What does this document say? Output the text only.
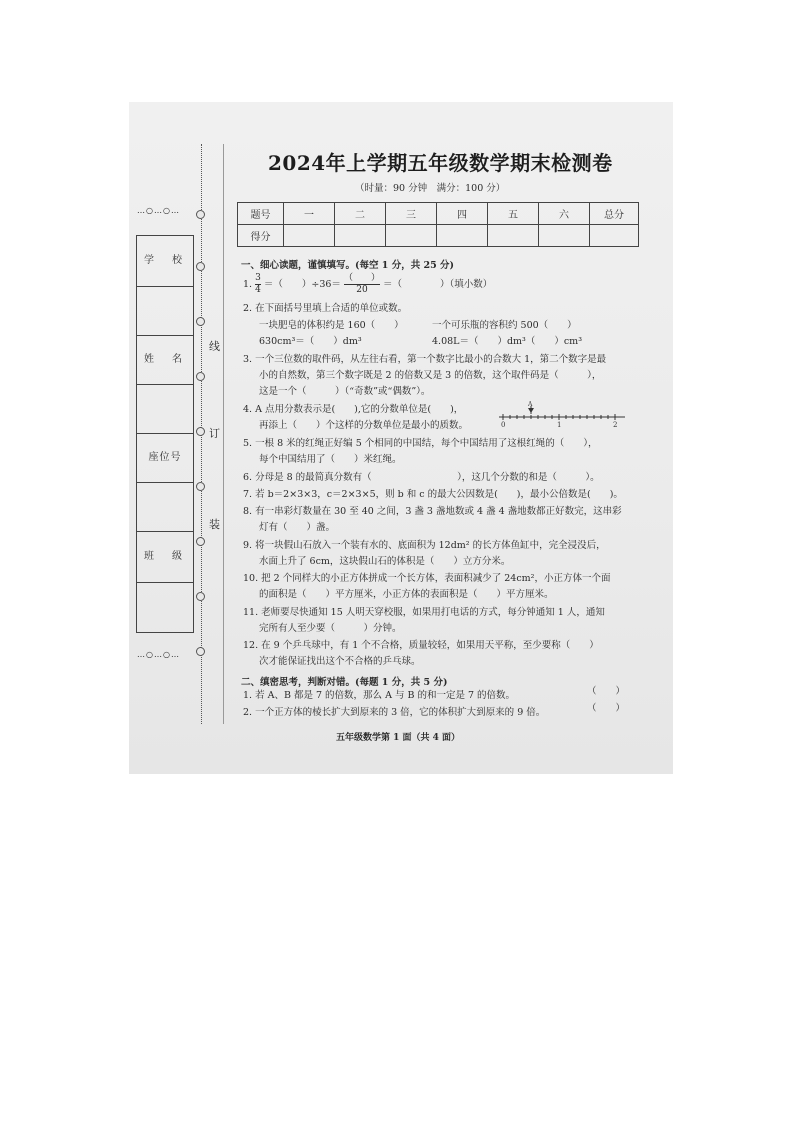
…○…○…
学　校
姓　名
座位号
班　级
…○…○…
线
订
装
2024年上学期五年级数学期末检测卷
（时量：90 分钟　满分：100 分）
题号	一	二	三	四	五	六	总分
得分							
一、细心读题，谨慎填写。(每空 1 分，共 25 分)
1. $\frac{3}{4}$ ＝（　　）$\div 36= \frac{( )}{20}$ ＝（　　　　）（填小数）
2. 在下面括号里填上合适的单位或数。
一块肥皂的体积约是 160（　　）	一个可乐瓶的容积约 500（　　）
630cm³＝（　　）dm³	4.08L＝（　　）dm³（　　）cm³
3. 一个三位数的取件码，从左往右看，第一个数字比最小的合数大 1，第二个数字是最
小的自然数，第三个数字既是 2 的倍数又是 3 的倍数，这个取件码是（　　　），
这是一个（　　　）（“奇数”或“偶数”）。
4. A 点用分数表示是(　　),它的分数单位是(　　)，
再添上（　　）个这样的分数单位是最小的质数。
A
0	1	2
5. 一根 8 米的红绳正好编 5 个相同的中国结，每个中国结用了这根红绳的（　　），
每个中国结用了（　　）米红绳。
6. 分母是 8 的最简真分数有（　　　　　　　　　），这几个分数的和是（　　　）。
7. 若 b＝2×3×3，c＝2×3×5，则 b 和 c 的最大公因数是(　　)，最小公倍数是(　　)。
8. 有一串彩灯数量在 30 至 40 之间，3 盏 3 盏地数或 4 盏 4 盏地数都正好数完，这串彩
灯有（　　）盏。
9. 将一块假山石放入一个装有水的、底面积为 12dm² 的长方体鱼缸中，完全浸没后，
水面上升了 6cm，这块假山石的体积是（　　）立方分米。
10. 把 2 个同样大的小正方体拼成一个长方体，表面积减少了 24cm²，小正方体一个面
的面积是（　　）平方厘米，小正方体的表面积是（　　）平方厘米。
11. 老师要尽快通知 15 人明天穿校服，如果用打电话的方式，每分钟通知 1 人，通知
完所有人至少要（　　　）分钟。
12. 在 9 个乒乓球中，有 1 个不合格，质量较轻，如果用天平称，至少要称（　　）
次才能保证找出这个不合格的乒乓球。
二、缜密思考，判断对错。(每题 1 分，共 5 分)
1. 若 A、B 都是 7 的倍数，那么 A 与 B 的和一定是 7 的倍数。	（　　）
2. 一个正方体的棱长扩大到原来的 3 倍，它的体积扩大到原来的 9 倍。	（　　）
五年级数学第 1 面（共 4 面）
